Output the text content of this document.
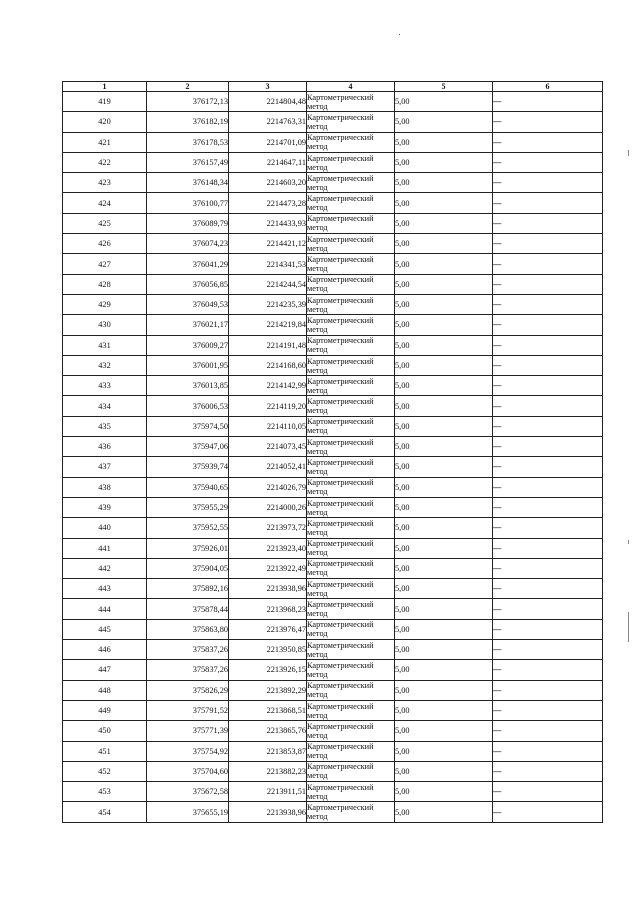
1	2	3	4	5	6
419	376172,13	2214804,48	Картометрический метод	5,00	—
420	376182,19	2214763,31	Картометрический метод	5,00	—
421	376178,53	2214701,09	Картометрический метод	5,00	—
422	376157,49	2214647,11	Картометрический метод	5,00	—
423	376148,34	2214603,20	Картометрический метод	5,00	—
424	376100,77	2214473,28	Картометрический метод	5,00	—
425	376089,79	2214433,93	Картометрический метод	5,00	—
426	376074,23	2214421,12	Картометрический метод	5,00	—
427	376041,29	2214341,53	Картометрический метод	5,00	—
428	376056,85	2214244,54	Картометрический метод	5,00	—
429	376049,53	2214235,39	Картометрический метод	5,00	—
430	376021,17	2214219,84	Картометрический метод	5,00	—
431	376009,27	2214191,48	Картометрический метод	5,00	—
432	376001,95	2214168,60	Картометрический метод	5,00	—
433	376013,85	2214142,99	Картометрический метод	5,00	—
434	376006,53	2214119,20	Картометрический метод	5,00	—
435	375974,50	2214110,05	Картометрический метод	5,00	—
436	375947,06	2214073,45	Картометрический метод	5,00	—
437	375939,74	2214052,41	Картометрический метод	5,00	—
438	375940,65	2214026,79	Картометрический метод	5,00	—
439	375955,29	2214000,26	Картометрический метод	5,00	—
440	375952,55	2213973,72	Картометрический метод	5,00	—
441	375926,01	2213923,40	Картометрический метод	5,00	—
442	375904,05	2213922,49	Картометрический метод	5,00	—
443	375892,16	2213938,96	Картометрический метод	5,00	—
444	375878,44	2213968,23	Картометрический метод	5,00	—
445	375863,80	2213976,47	Картометрический метод	5,00	—
446	375837,26	2213950,85	Картометрический метод	5,00	—
447	375837,26	2213926,15	Картометрический метод	5,00	—
448	375826,29	2213892,29	Картометрический метод	5,00	—
449	375791,52	2213868,51	Картометрический метод	5,00	—
450	375771,39	2213865,76	Картометрический метод	5,00	—
451	375754,92	2213853,87	Картометрический метод	5,00	—
452	375704,60	2213882,23	Картометрический метод	5,00	—
453	375672,58	2213911,51	Картометрический метод	5,00	—
454	375655,19	2213938,96	Картометрический метод	5,00	—
